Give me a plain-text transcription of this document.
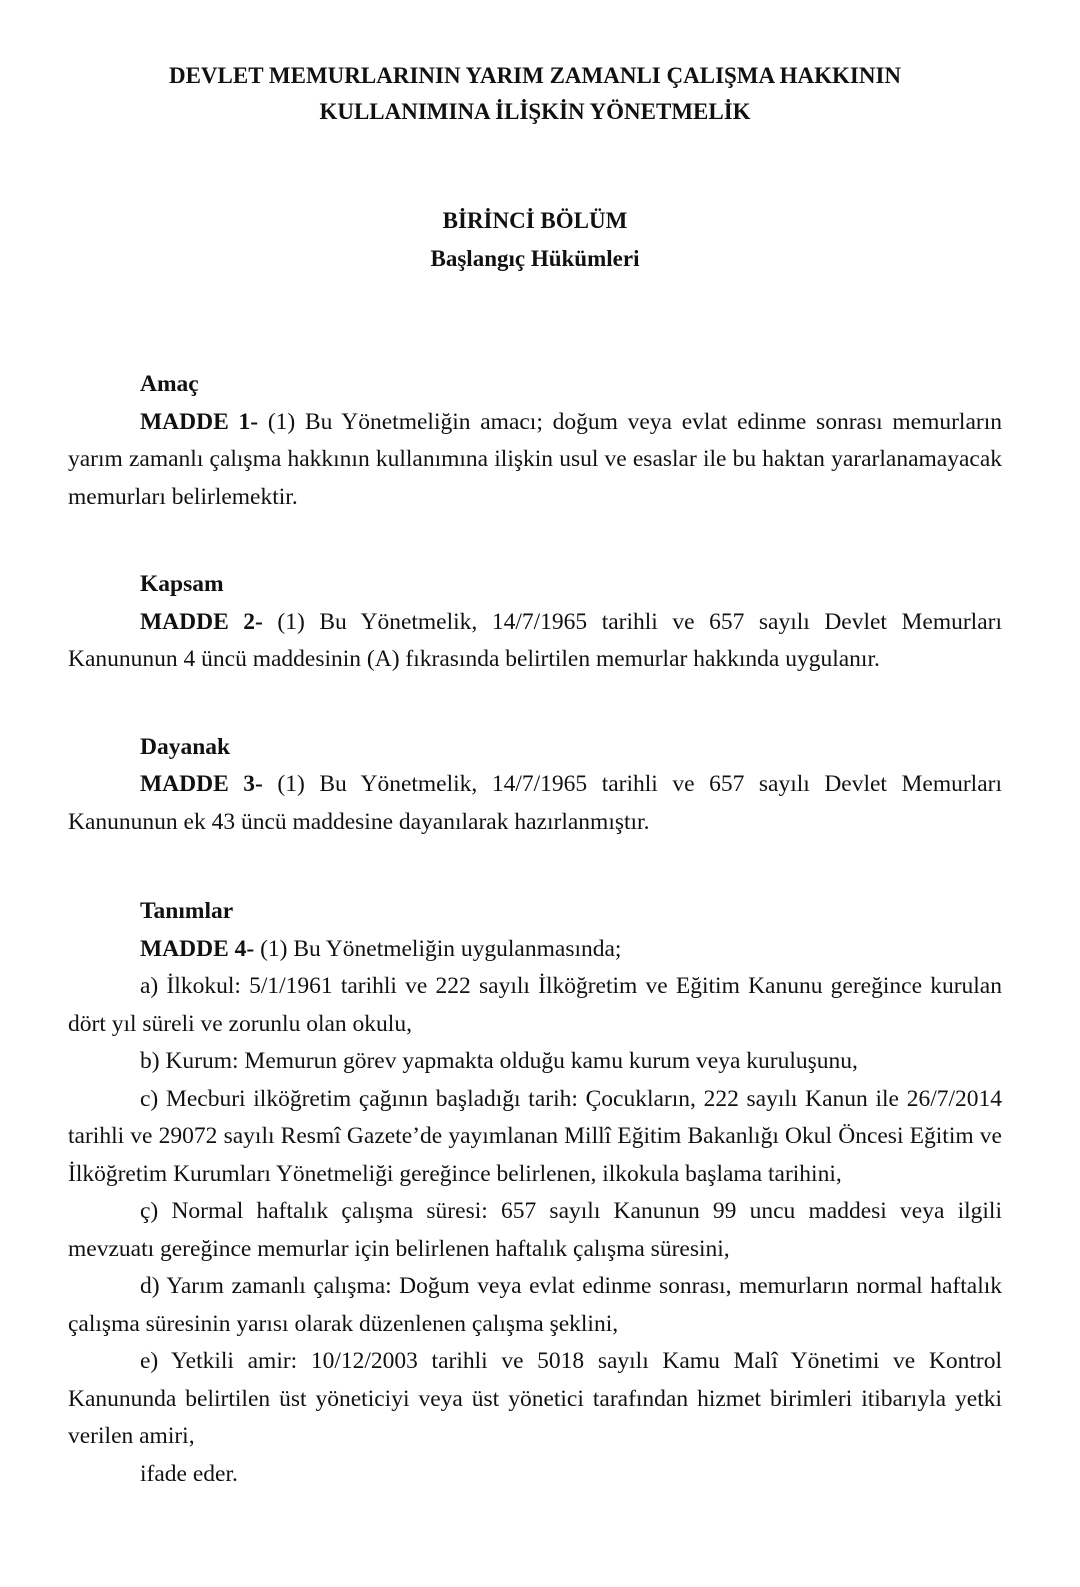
DEVLET MEMURLARININ YARIM ZAMANLI ÇALIŞMA HAKKININ
KULLANIMINA İLİŞKİN YÖNETMELİK
BİRİNCİ BÖLÜM
Başlangıç Hükümleri
Amaç

MADDE 1- (1) Bu Yönetmeliğin amacı; doğum veya evlat edinme sonrası memurların yarım zamanlı çalışma hakkının kullanımına ilişkin usul ve esaslar ile bu haktan yararlanamayacak memurları belirlemektir.

Kapsam

MADDE 2- (1) Bu Yönetmelik, 14/7/1965 tarihli ve 657 sayılı Devlet Memurları Kanununun 4 üncü maddesinin (A) fıkrasında belirtilen memurlar hakkında uygulanır.

Dayanak

MADDE 3- (1) Bu Yönetmelik, 14/7/1965 tarihli ve 657 sayılı Devlet Memurları Kanununun ek 43 üncü maddesine dayanılarak hazırlanmıştır.

Tanımlar

MADDE 4- (1) Bu Yönetmeliğin uygulanmasında;

a) İlkokul: 5/1/1961 tarihli ve 222 sayılı İlköğretim ve Eğitim Kanunu gereğince kurulan dört yıl süreli ve zorunlu olan okulu,

b) Kurum: Memurun görev yapmakta olduğu kamu kurum veya kuruluşunu,

c) Mecburi ilköğretim çağının başladığı tarih: Çocukların, 222 sayılı Kanun ile 26/7/2014 tarihli ve 29072 sayılı Resmî Gazete’de yayımlanan Millî Eğitim Bakanlığı Okul Öncesi Eğitim ve İlköğretim Kurumları Yönetmeliği gereğince belirlenen, ilkokula başlama tarihini,

ç) Normal haftalık çalışma süresi: 657 sayılı Kanunun 99 uncu maddesi veya ilgili mevzuatı gereğince memurlar için belirlenen haftalık çalışma süresini,

d) Yarım zamanlı çalışma: Doğum veya evlat edinme sonrası, memurların normal haftalık çalışma süresinin yarısı olarak düzenlenen çalışma şeklini,

e) Yetkili amir: 10/12/2003 tarihli ve 5018 sayılı Kamu Malî Yönetimi ve Kontrol Kanununda belirtilen üst yöneticiyi veya üst yönetici tarafından hizmet birimleri itibarıyla yetki verilen amiri,

ifade eder.
